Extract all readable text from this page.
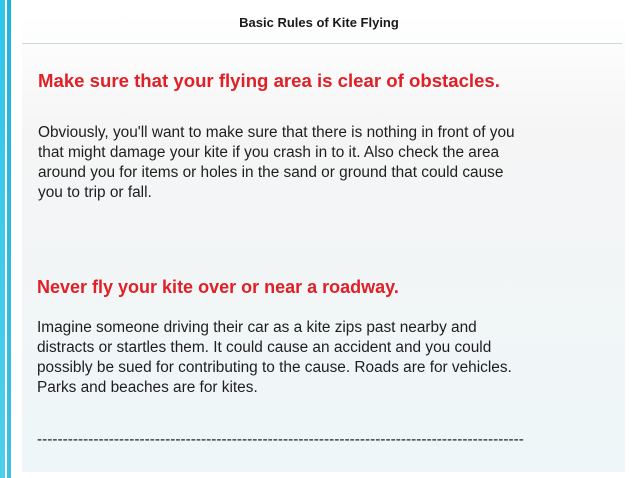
Basic Rules of Kite Flying
Make sure that your flying area is clear of obstacles.
Obviously, you'll want to make sure that there is nothing in front of you
that might damage your kite if you crash in to it. Also check the area
around you for items or holes in the sand or ground that could cause
you to trip or fall.
Never fly your kite over or near a roadway.
Imagine someone driving their car as a kite zips past nearby and
distracts or startles them. It could cause an accident and you could
possibly be sued for contributing to the cause. Roads are for vehicles.
Parks and beaches are for kites.
-----------------------------------------------------------------------------------------------
